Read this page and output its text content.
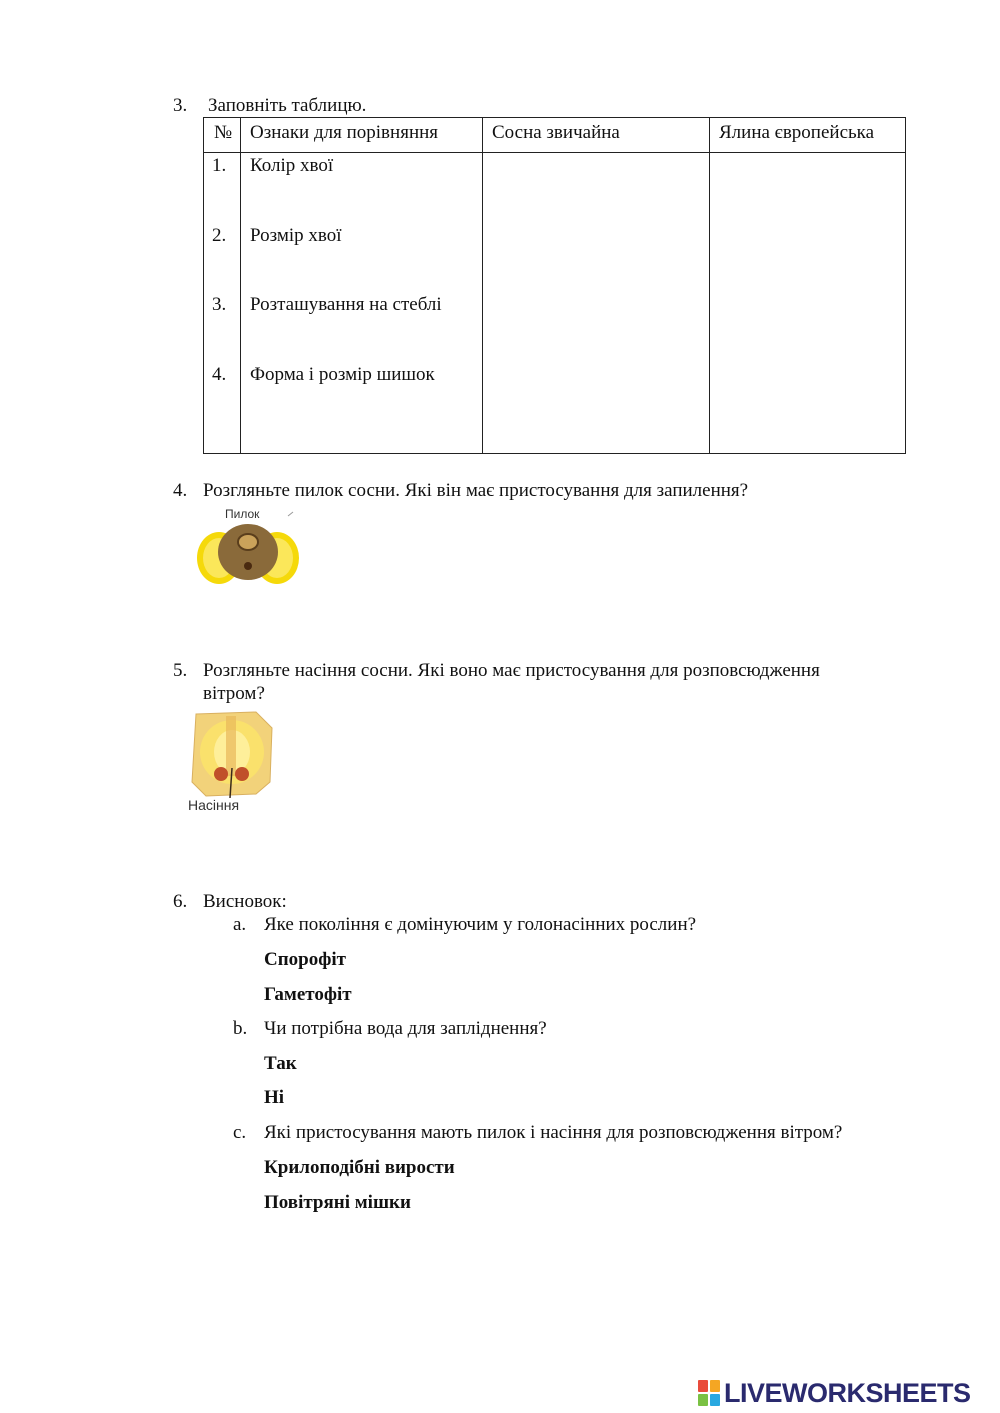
3. Заповніть таблицю.
№ Ознаки для порівняння	Сосна звичайна	Ялина європейська
1. Колір хвої
2. Розмір хвої
3. Розташування на стеблі
4. Форма і розмір шишок
4. Розгляньте пилок сосни. Які він має пристосування для запилення?
Пилок
5. Розгляньте насіння сосни. Які воно має пристосування для розповсюдження
вітром?
Насіння
6. Висновок:
a. Яке покоління є домінуючим у голонасінних рослин?
Спорофіт
Гаметофіт
b. Чи потрібна вода для запліднення?
Так
Ні
c. Які пристосування мають пилок і насіння для розповсюдження вітром?
Крилоподібні вирости
Повітряні мішки
LIVEWORKSHEETS
